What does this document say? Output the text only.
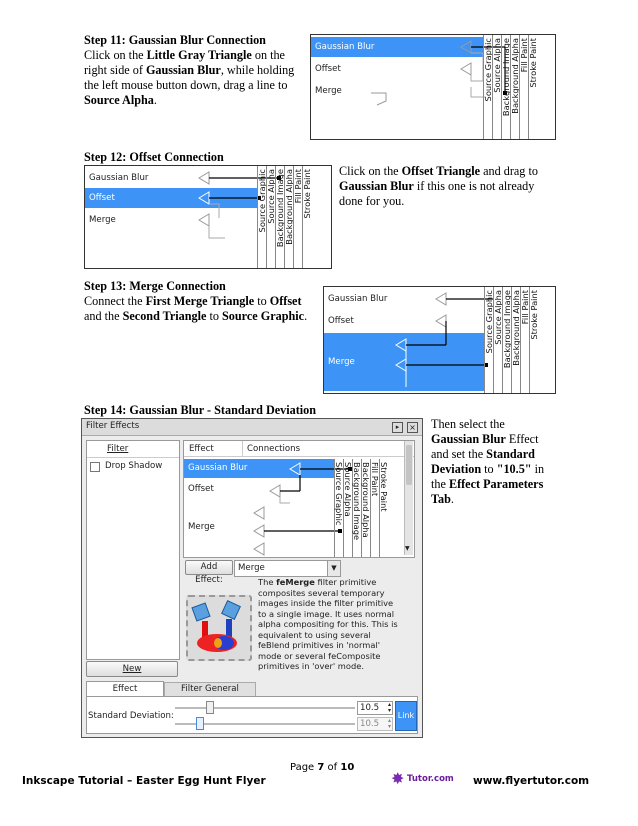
Step 11: Gaussian Blur Connection
Click on the Little Gray Triangle on the right side of Gaussian Blur, while holding the left mouse button down, drag a line to Source Alpha.
Gaussian Blur
Offset
Merge	Source Graphic Source Alpha Background Image Background Alpha Fill Paint Stroke Paint
Step 12: Offset Connection
Gaussian Blur
Offset
Merge	Source Graphic Source Alpha Background Image Background Alpha Fill Paint Stroke Paint Click on the Offset Triangle and drag to Gaussian Blur if this one is not already done for you.
Step 13: Merge Connection
Connect the First Merge Triangle to Offset and the Second Triangle to Source Graphic.
Gaussian Blur
Offset
Merge
Source Graphic Source Alpha Background Image Background Alpha Fill Paint Stroke Paint
Step 14: Gaussian Blur - Standard Deviation
Then select the Gaussian Blur Effect and set the Standard Deviation to "10.5" in the Effect Parameters Tab.
Filter Effects	▸	×
Filter
Drop Shadow
New
Effect	Connections
Gaussian Blur
Offset
Merge
Source Graphic Source Alpha Background Image Background Alpha Fill Paint Stroke Paint
▼
Add Effect:
Merge	▼
The feMerge filter primitive composites several temporary images inside the filter primitive to a single image. It uses normal alpha compositing for this. This is equivalent to using several feBlend primitives in 'normal' mode or several feComposite primitives in 'over' mode.
Effect	Filter General
Standard Deviation:
10.5 ▴
▾
10.5 ▴
▾
Link
Page 7 of 10
Inkscape Tutorial – Easter Egg Hunt Flyer	✸ Tutor.com www.flyertutor.com
